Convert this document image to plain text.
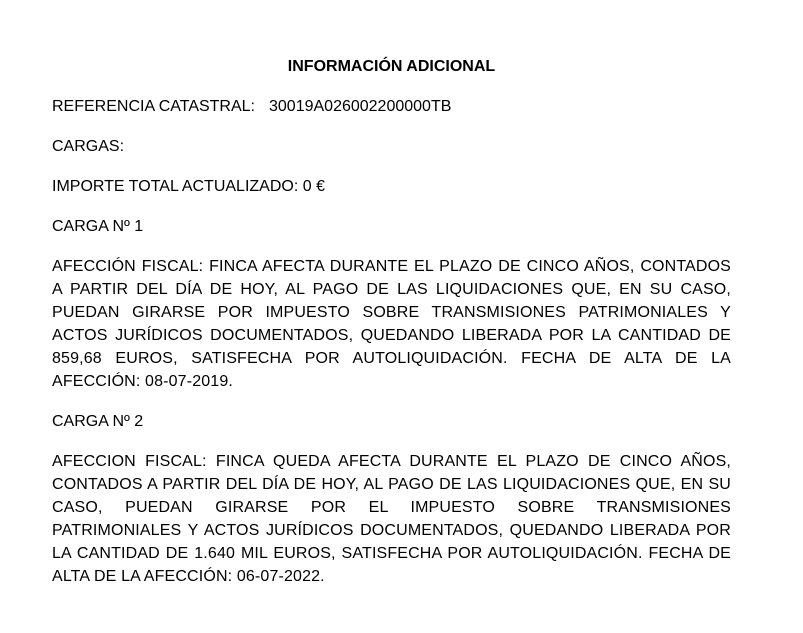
INFORMACIÓN ADICIONAL
REFERENCIA CATASTRAL: 30019A026002200000TB
CARGAS:
IMPORTE TOTAL ACTUALIZADO: 0 €
CARGA Nº 1
AFECCIÓN FISCAL: FINCA AFECTA DURANTE EL PLAZO DE CINCO AÑOS, CONTADOS A PARTIR DEL DÍA DE HOY, AL PAGO DE LAS LIQUIDACIONES QUE, EN SU CASO, PUEDAN GIRARSE POR IMPUESTO SOBRE TRANSMISIONES PATRIMONIALES Y ACTOS JURÍDICOS DOCUMENTADOS, QUEDANDO LIBERADA POR LA CANTIDAD DE 859,68 EUROS, SATISFECHA POR AUTOLIQUIDACIÓN. FECHA DE ALTA DE LA AFECCIÓN: 08-07-2019.
CARGA Nº 2
AFECCION FISCAL: FINCA QUEDA AFECTA DURANTE EL PLAZO DE CINCO AÑOS, CONTADOS A PARTIR DEL DÍA DE HOY, AL PAGO DE LAS LIQUIDACIONES QUE, EN SU CASO, PUEDAN GIRARSE POR EL IMPUESTO SOBRE TRANSMISIONES PATRIMONIALES Y ACTOS JURÍDICOS DOCUMENTADOS, QUEDANDO LIBERADA POR LA CANTIDAD DE 1.640 MIL EUROS, SATISFECHA POR AUTOLIQUIDACIÓN. FECHA DE ALTA DE LA AFECCIÓN: 06-07-2022.
